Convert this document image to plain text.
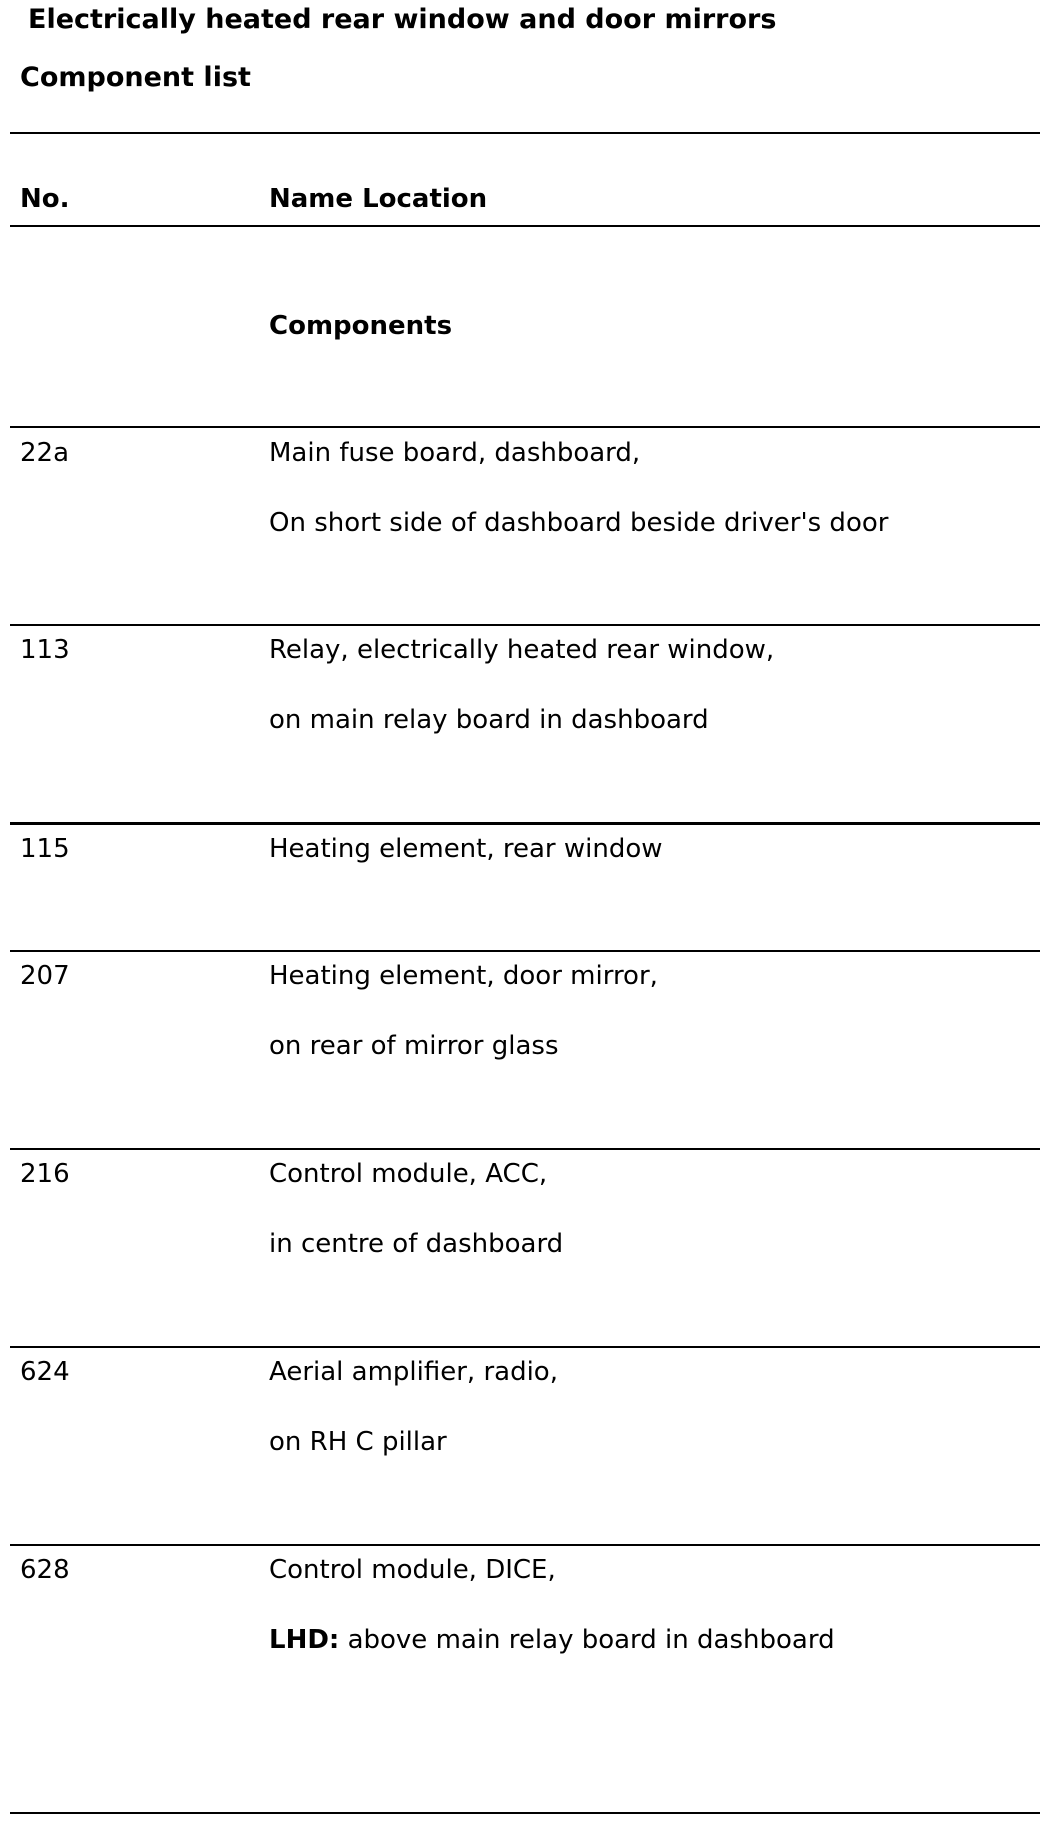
Electrically heated rear window and door mirrors
Component list
No.	Name Location
Components
22a	Main fuse board, dashboard,
On short side of dashboard beside driver's door
113	Relay, electrically heated rear window,
on main relay board in dashboard
115	Heating element, rear window
207	Heating element, door mirror,
on rear of mirror glass
216	Control module, ACC,
in centre of dashboard
624	Aerial amplifier, radio,
on RH C pillar
628	Control module, DICE,
LHD: above main relay board in dashboard
